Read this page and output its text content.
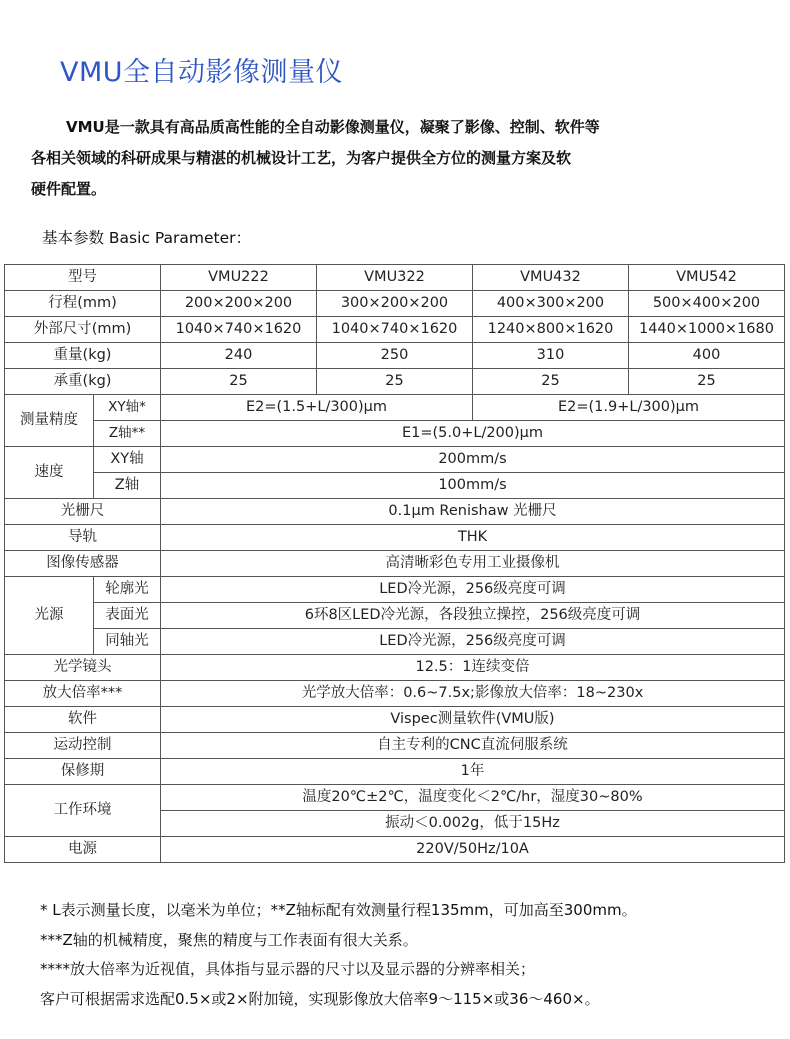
VMU全自动影像测量仪
VMU是一款具有高品质高性能的全自动影像测量仪，凝聚了影像、控制、软件等
各相关领域的科研成果与精湛的机械设计工艺，为客户提供全方位的测量方案及软
硬件配置。
基本参数 Basic Parameter：
型号		VMU222	VMU322	VMU432	VMU542
行程(mm)		200×200×200	300×200×200	400×300×200	500×400×200
外部尺寸(mm)		1040×740×1620	1040×740×1620	1240×800×1620	1440×1000×1680
重量(kg)		240	250	310	400
承重(kg)		25	25	25	25
测量精度	XY轴*	E2=(1.5+L/300)μm		E2=(1.9+L/300)μm	
	Z轴**	E1=(5.0+L/200)μm			
速度	XY轴	200mm/s			
	Z轴	100mm/s			
光栅尺		0.1μm Renishaw 光栅尺			
导轨		THK			
图像传感器		高清晰彩色专用工业摄像机			
光源	轮廓光	LED冷光源，256级亮度可调			
	表面光	6环8区LED冷光源，各段独立操控，256级亮度可调			
	同轴光	LED冷光源，256级亮度可调			
光学镜头		12.5：1连续变倍			
放大倍率***		光学放大倍率：0.6~7.5x;影像放大倍率：18~230x			
软件		Vispec测量软件(VMU版)			
运动控制		自主专利的CNC直流伺服系统			
保修期		1年			
工作环境		温度20℃±2℃，温度变化＜2℃/hr，湿度30~80%			
		振动＜0.002g，低于15Hz			
电源		220V/50Hz/10A			
* L表示测量长度，以毫米为单位；**Z轴标配有效测量行程135mm，可加高至300mm。
***Z轴的机械精度，聚焦的精度与工作表面有很大关系。
****放大倍率为近视值，具体指与显示器的尺寸以及显示器的分辨率相关；
客户可根据需求选配0.5×或2×附加镜，实现影像放大倍率9～115×或36～460×。
